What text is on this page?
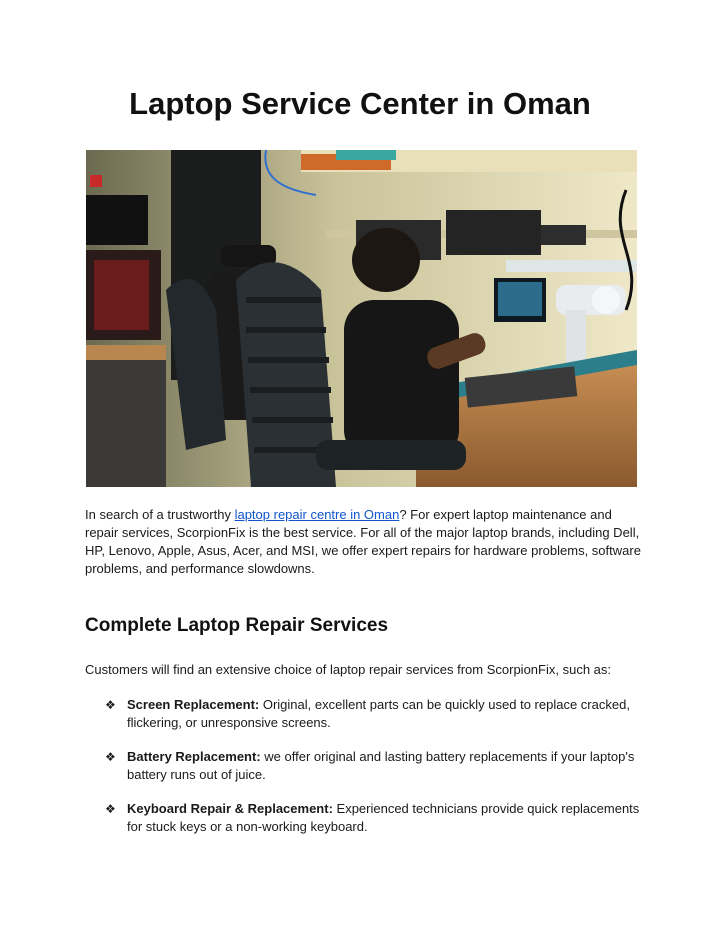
Laptop Service Center in Oman

In search of a trustworthy laptop repair centre in Oman? For expert laptop maintenance and repair services, ScorpionFix is the best service. For all of the major laptop brands, including Dell, HP, Lenovo, Apple, Asus, Acer, and MSI, we offer expert repairs for hardware problems, software problems, and performance slowdowns.

Complete Laptop Repair Services

Customers will find an extensive choice of laptop repair services from ScorpionFix, such as:

❖ Screen Replacement: Original, excellent parts can be quickly used to replace cracked, flickering, or unresponsive screens.
❖ Battery Replacement: we offer original and lasting battery replacements if your laptop's battery runs out of juice.
❖ Keyboard Repair & Replacement: Experienced technicians provide quick replacements for stuck keys or a non-working keyboard.
